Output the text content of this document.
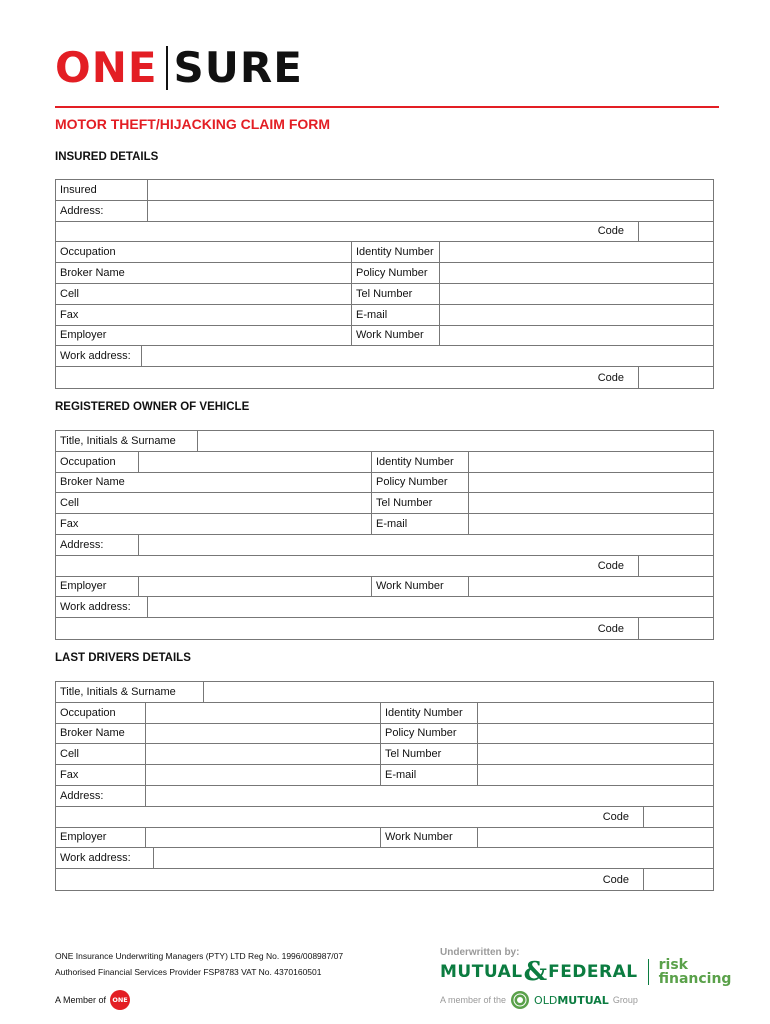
ONE SURE
MOTOR THEFT/HIJACKING CLAIM FORM
INSURED DETAILS
Insured
Address:
Code
Occupation	Identity Number
Broker Name	Policy Number
Cell	Tel Number
Fax	E-mail
Employer	Work Number
Work address:
Code
REGISTERED OWNER OF VEHICLE
Title, Initials & Surname
Occupation	Identity Number
Broker Name	Policy Number
Cell	Tel Number
Fax	E-mail
Address:
Code
Employer	Work Number
Work address:
Code
LAST DRIVERS DETAILS
Title, Initials & Surname
Occupation	Identity Number
Broker Name	Policy Number
Cell	Tel Number
Fax	E-mail
Address:
Code
Employer	Work Number
Work address:
Code
ONE Insurance Underwriting Managers (PTY) LTD Reg No. 1996/008987/07
Authorised Financial Services Provider FSP8783 VAT No. 4370160501
A Member of ONE
Underwritten by:
MUTUAL & FEDERAL risk
financing
A member of the	OLDMUTUAL Group
